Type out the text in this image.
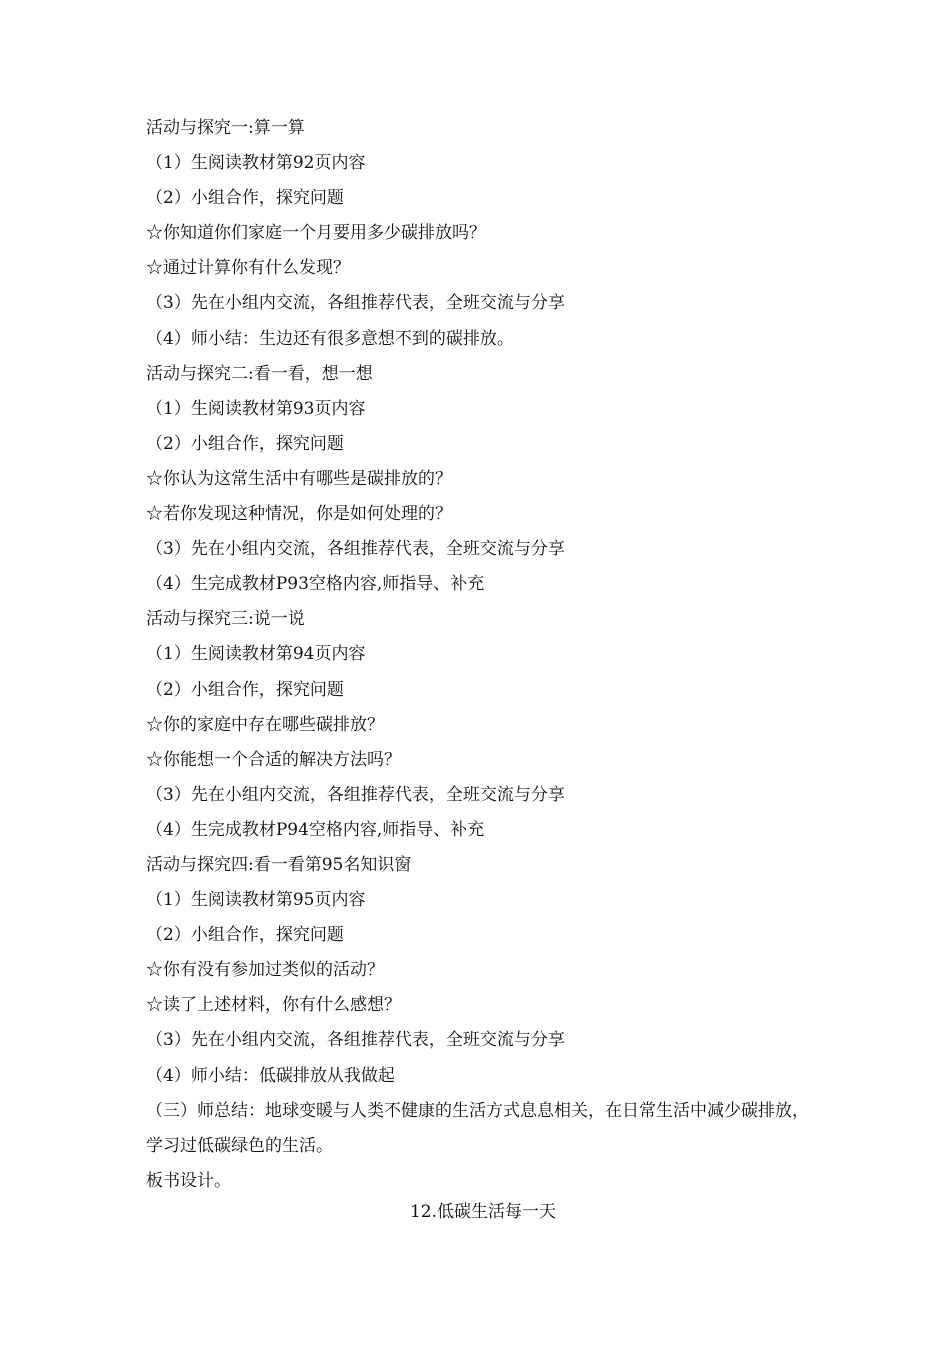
活动与探究一:算一算
（1）生阅读教材第92页内容
（2）小组合作，探究问题
☆你知道你们家庭一个月要用多少碳排放吗？
☆通过计算你有什么发现？
（3）先在小组内交流，各组推荐代表，全班交流与分享
（4）师小结：生边还有很多意想不到的碳排放。
活动与探究二:看一看，想一想
（1）生阅读教材第93页内容
（2）小组合作，探究问题
☆你认为这常生活中有哪些是碳排放的？
☆若你发现这种情况，你是如何处理的？
（3）先在小组内交流，各组推荐代表，全班交流与分享
（4）生完成教材P93空格内容,师指导、补充
活动与探究三:说一说
（1）生阅读教材第94页内容
（2）小组合作，探究问题
☆你的家庭中存在哪些碳排放？
☆你能想一个合适的解决方法吗？
（3）先在小组内交流，各组推荐代表，全班交流与分享
（4）生完成教材P94空格内容,师指导、补充
活动与探究四:看一看第95名知识窗
（1）生阅读教材第95页内容
（2）小组合作，探究问题
☆你有没有参加过类似的活动？
☆读了上述材料，你有什么感想？
（3）先在小组内交流，各组推荐代表，全班交流与分享
（4）师小结：低碳排放从我做起
（三）师总结：地球变暖与人类不健康的生活方式息息相关，在日常生活中减少碳排放，学习过低碳绿色的生活。
板书设计。
12.低碳生活每一天
